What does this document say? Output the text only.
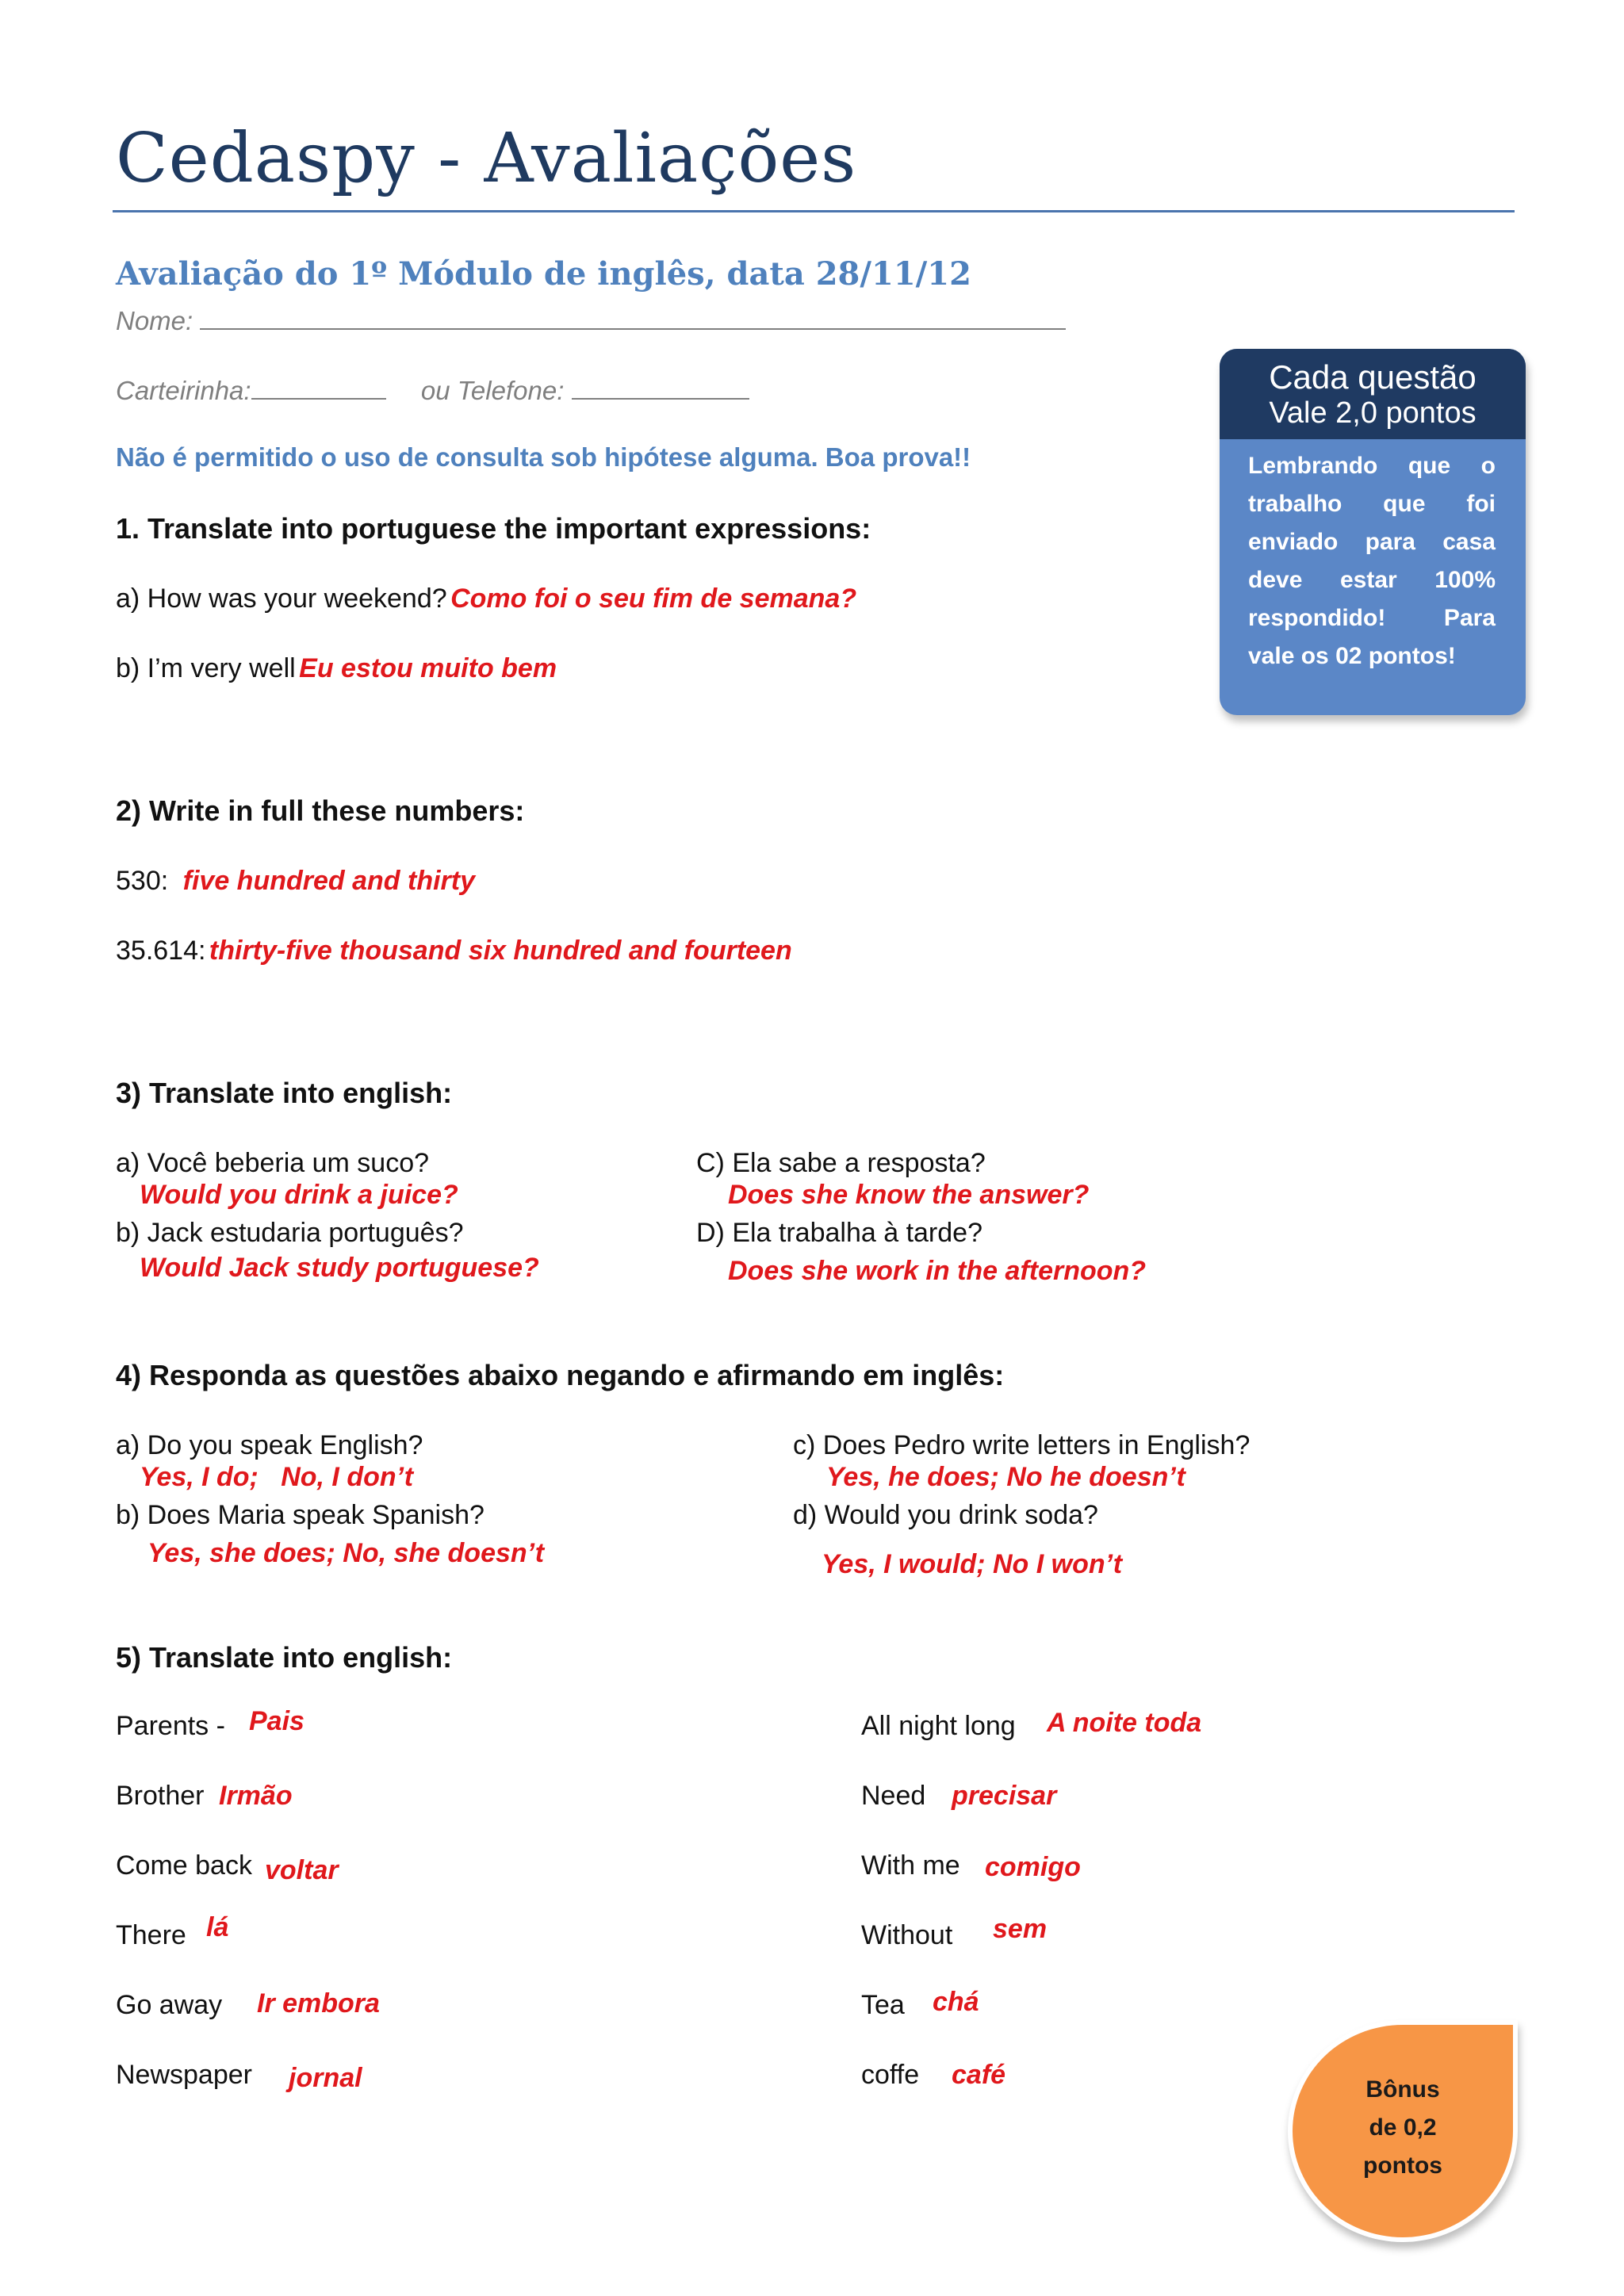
Cedaspy - Avaliações
Avaliação do 1º Módulo de inglês, data 28/11/12
Nome:
Carteirinha:	ou Telefone:
Não é permitido o uso de consulta sob hipótese alguma. Boa prova!!
Cada questão
Vale 2,0 pontos
Lembrando que o trabalho que foi enviado para casa deve estar 100% respondido! Para vale os 02 pontos!
1. Translate into portuguese the important expressions:
a) How was your weekend? Como foi o seu fim de semana?
b) I’m very well Eu estou muito bem
2) Write in full these numbers:
530: five hundred and thirty
35.614: thirty-five thousand six hundred and fourteen
3) Translate into english:
a) Você beberia um suco?
Would you drink a juice?
b) Jack estudaria português?
Would Jack study portuguese?
C) Ela sabe a resposta?
Does she know the answer?
D) Ela trabalha à tarde?
Does she work in the afternoon?
4) Responda as questões abaixo negando e afirmando em inglês:
a) Do you speak English?
Yes, I do;   No, I don’t
b) Does Maria speak Spanish?
Yes, she does; No, she doesn’t
c) Does Pedro write letters in English?
Yes, he does; No he doesn’t
d) Would you drink soda?
Yes, I would; No I won’t
5) Translate into english:
Parents - Pais
Brother Irmão
Come back voltar
There lá
Go away Ir embora
Newspaper jornal
All night long A noite toda
Need precisar
With me comigo
Without sem
Tea chá
coffe café	Bônus
de 0,2
pontos
